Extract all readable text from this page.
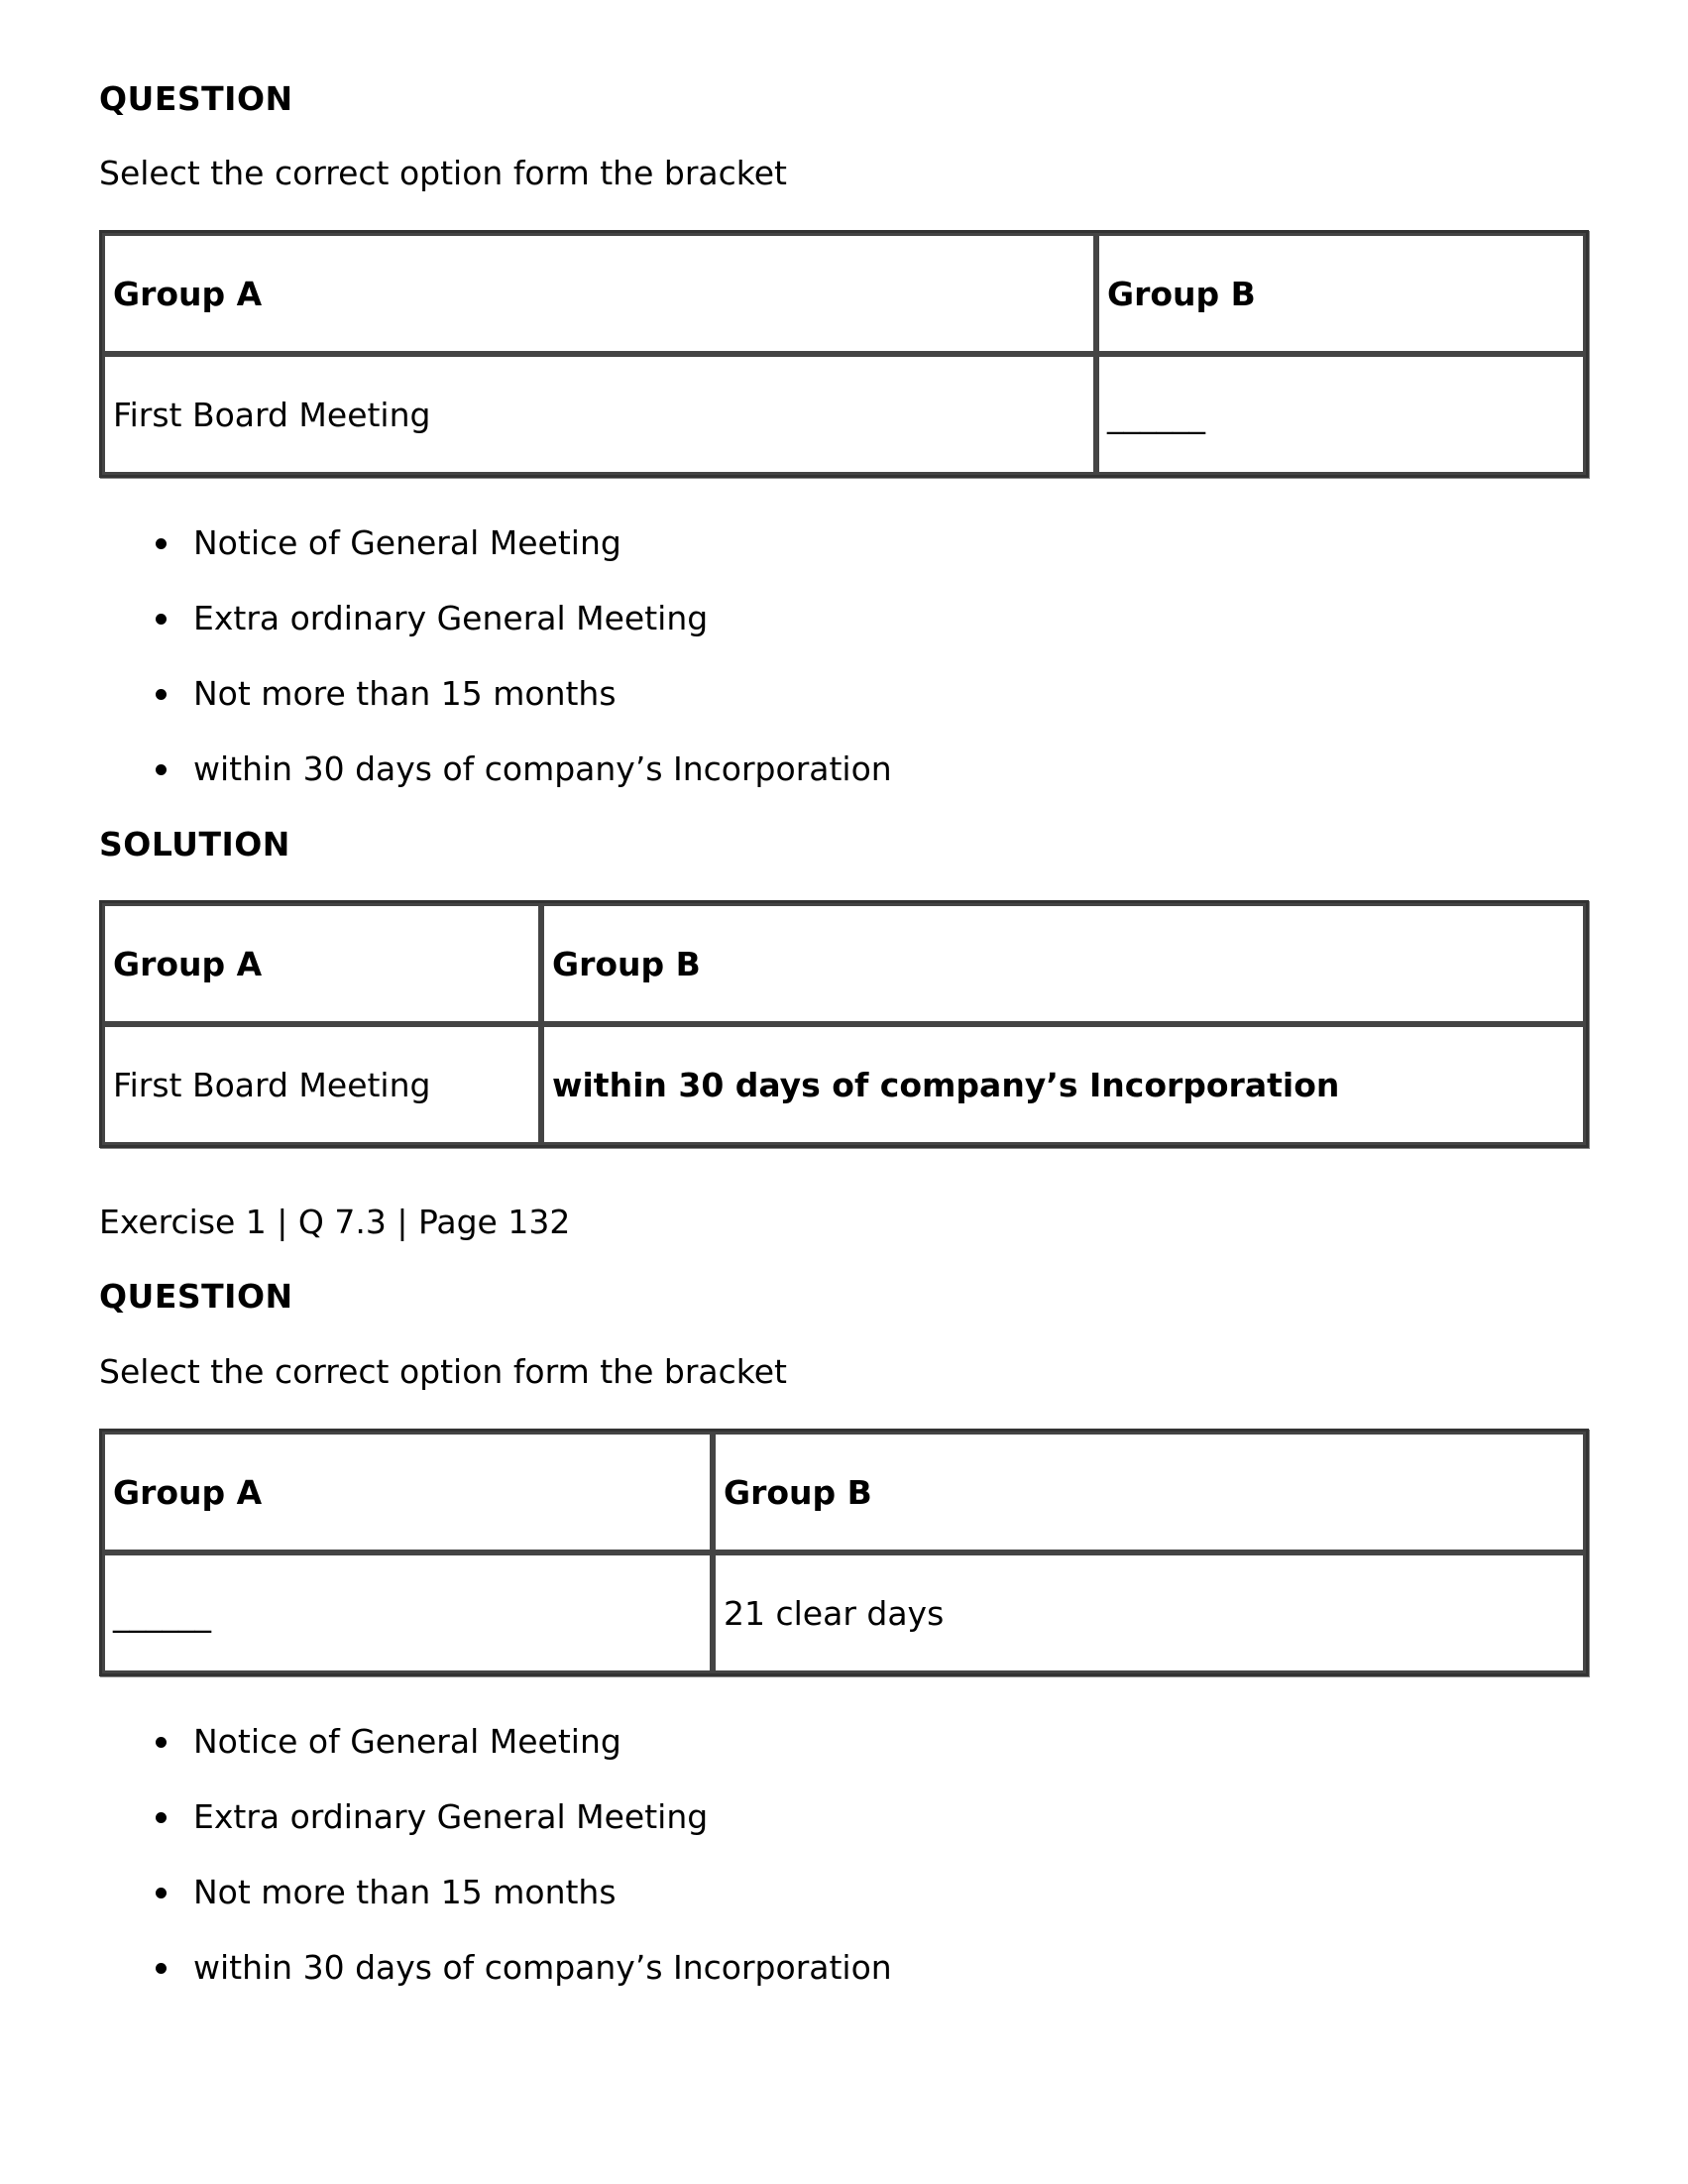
QUESTION
Select the correct option form the bracket
Group A	Group B
First Board Meeting	______
Notice of General Meeting
Extra ordinary General Meeting
Not more than 15 months
within 30 days of company’s Incorporation
SOLUTION
Group A	Group B
First Board Meeting	within 30 days of company’s Incorporation
Exercise 1 | Q 7.3 | Page 132
QUESTION
Select the correct option form the bracket
Group A	Group B
______	21 clear days
Notice of General Meeting
Extra ordinary General Meeting
Not more than 15 months
within 30 days of company’s Incorporation
